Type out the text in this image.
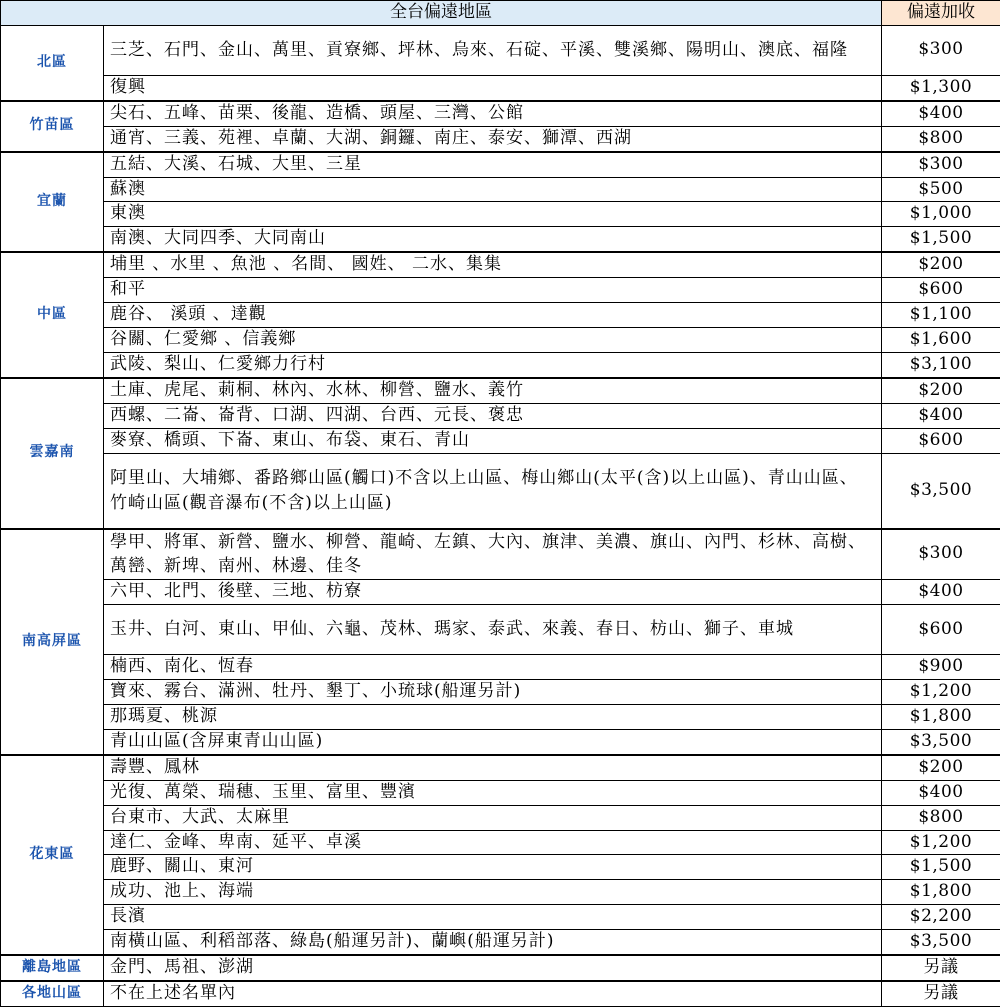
全台偏遠地區		偏遠加收
北區	三芝、石門、金山、萬里、貢寮鄉、坪林、烏來、石碇、平溪、雙溪鄉、陽明山、澳底、福隆	$300
	復興	$1,300
竹苗區	尖石、五峰、苗栗、後龍、造橋、頭屋、三灣、公館	$400
	通宵、三義、苑裡、卓蘭、大湖、銅鑼、南庄、泰安、獅潭、西湖	$800
宜蘭	五結、大溪、石城、大里、三星	$300
	蘇澳	$500
	東澳	$1,000
	南澳、大同四季、大同南山	$1,500
中區	埔里 、水里 、魚池 、名間、 國姓、 二水、集集	$200
	和平	$600
	鹿谷、 溪頭 、達觀	$1,100
	谷關、仁愛鄉 、信義鄉	$1,600
	武陵、梨山、仁愛鄉力行村	$3,100
雲嘉南	土庫、虎尾、莿桐、林內、水林、柳營、鹽水、義竹	$200
	西螺、二崙、崙背、口湖、四湖、台西、元長、褒忠	$400
	麥寮、橋頭、下崙、東山、布袋、東石、青山	$600
	阿里山、大埔鄉、番路鄉山區(觸口)不含以上山區、梅山鄉山(太平(含)以上山區)、青山山區、竹崎山區(觀音瀑布(不含)以上山區)	$3,500
南高屏區	學甲、將軍、新營、鹽水、柳營、龍崎、左鎮、大內、旗津、美濃、旗山、內門、杉林、高樹、萬巒、新埤、南州、林邊、佳冬	$300
	六甲、北門、後壁、三地、枋寮	$400
	玉井、白河、東山、甲仙、六龜、茂林、瑪家、泰武、來義、春日、枋山、獅子、車城	$600
	楠西、南化、恆春	$900
	寶來、霧台、滿洲、牡丹、墾丁、小琉球(船運另計)	$1,200
	那瑪夏、桃源	$1,800
	青山山區(含屏東青山山區)	$3,500
花東區	壽豐、鳳林	$200
	光復、萬榮、瑞穗、玉里、富里、豐濱	$400
	台東市、大武、太麻里	$800
	達仁、金峰、卑南、延平、卓溪	$1,200
	鹿野、關山、東河	$1,500
	成功、池上、海端	$1,800
	長濱	$2,200
	南橫山區、利稻部落、綠島(船運另計)、蘭嶼(船運另計)	$3,500
離島地區	金門、馬祖、澎湖	另議
各地山區	不在上述名單內	另議
